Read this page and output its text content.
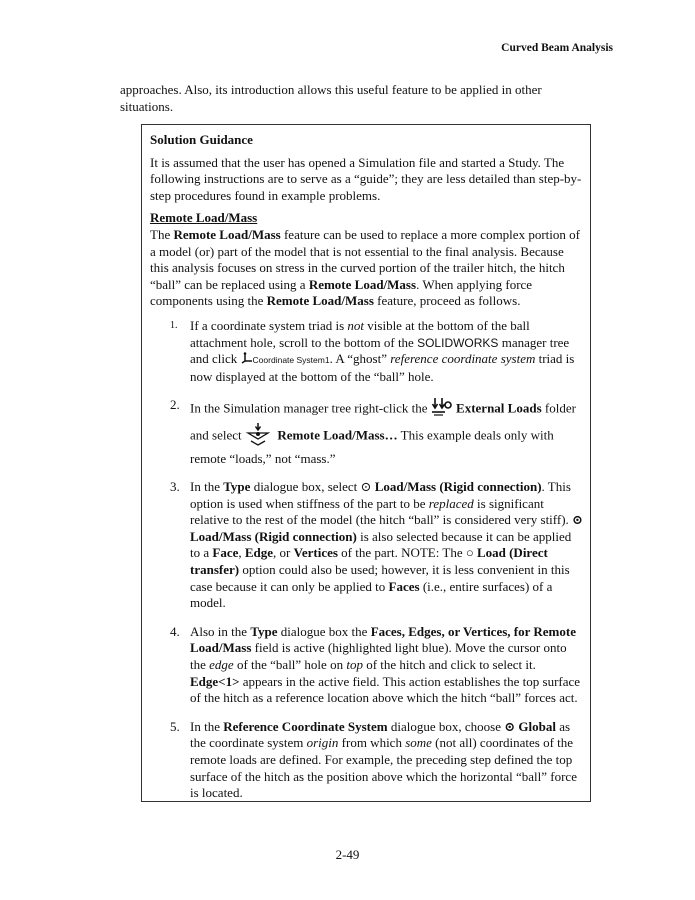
Curved Beam Analysis

approaches. Also, its introduction allows this useful feature to be applied in other situations.

Solution Guidance

It is assumed that the user has opened a Simulation file and started a Study. The following instructions are to serve as a “guide”; they are less detailed than step-by-step procedures found in example problems.

Remote Load/Mass

The Remote Load/Mass feature can be used to replace a more complex portion of a model (or) part of the model that is not essential to the final analysis. Because this analysis focuses on stress in the curved portion of the trailer hitch, the hitch “ball” can be replaced using a Remote Load/Mass. When applying force components using the Remote Load/Mass feature, proceed as follows.

1. If a coordinate system triad is not visible at the bottom of the ball attachment hole, scroll to the bottom of the SOLIDWORKS manager tree and click Coordinate System1. A “ghost” reference coordinate system triad is now displayed at the bottom of the “ball” hole.
2. In the Simulation manager tree right-click the  External Loads folder and select	Remote Load/Mass… This example deals only with remote “loads,” not “mass.”
3. In the Type dialogue box, select ⊙ Load/Mass (Rigid connection). This option is used when stiffness of the part to be replaced is significant relative to the rest of the model (the hitch “ball” is considered very stiff). ⊙ Load/Mass (Rigid connection) is also selected because it can be applied to a Face, Edge, or Vertices of the part. NOTE: The ○ Load (Direct transfer) option could also be used; however, it is less convenient in this case because it can only be applied to Faces (i.e., entire surfaces) of a model.
4. Also in the Type dialogue box the Faces, Edges, or Vertices, for Remote Load/Mass field is active (highlighted light blue). Move the cursor onto the edge of the “ball” hole on top of the hitch and click to select it. Edge<1> appears in the active field. This action establishes the top surface of the hitch as a reference location above which the hitch “ball” forces act.
5. In the Reference Coordinate System dialogue box, choose ⊙ Global as the coordinate system origin from which some (not all) coordinates of the remote loads are defined. For example, the preceding step defined the top surface of the hitch as the position above which the horizontal “ball” force is located.
2-49
